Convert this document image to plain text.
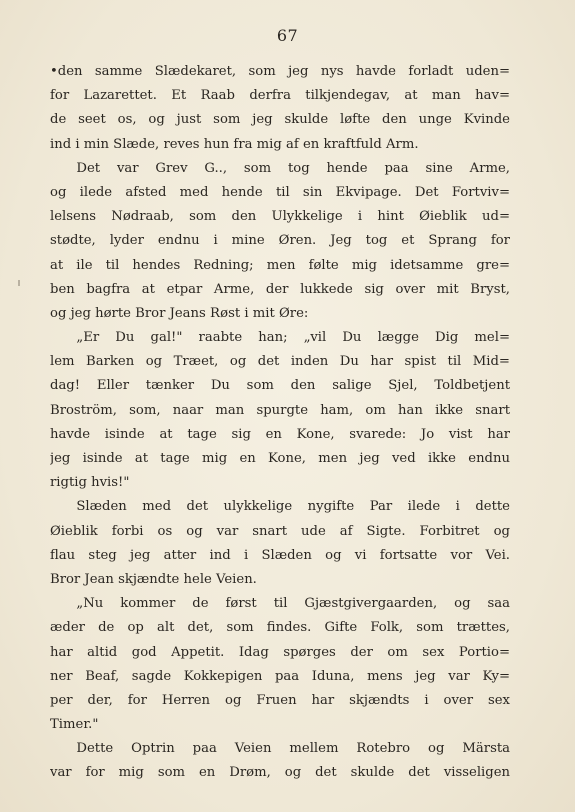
67
•den samme Slædekaret, som jeg nys havde forladt uden=
for Lazarettet. Et Raab derfra tilkjendegav, at man hav=
de seet os, og just som jeg skulde løfte den unge Kvinde
ind i min Slæde, reves hun fra mig af en kraftfuld Arm.
Det var Grev G.., som tog hende paa sine Arme,
og ilede afsted med hende til sin Ekvipage. Det Fortviv=
lelsens Nødraab, som den Ulykkelige i hint Øieblik ud=
stødte, lyder endnu i mine Øren. Jeg tog et Sprang for
at ile til hendes Redning; men følte mig idetsamme gre=
ben bagfra at etpar Arme, der lukkede sig over mit Bryst,
og jeg hørte Bror Jeans Røst i mit Øre:
„Er Du gal!" raabte han; „vil Du lægge Dig mel=
lem Barken og Træet, og det inden Du har spist til Mid=
dag! Eller tænker Du som den salige Sjel, Toldbetjent
Broström, som, naar man spurgte ham, om han ikke snart
havde isinde at tage sig en Kone, svarede: Jo vist har
jeg isinde at tage mig en Kone, men jeg ved ikke endnu
rigtig hvis!"
Slæden med det ulykkelige nygifte Par ilede i dette
Øieblik forbi os og var snart ude af Sigte. Forbitret og
flau steg jeg atter ind i Slæden og vi fortsatte vor Vei.
Bror Jean skjændte hele Veien.
„Nu kommer de først til Gjæstgivergaarden, og saa
æder de op alt det, som findes. Gifte Folk, som trættes,
har altid god Appetit. Idag spørges der om sex Portio=
ner Beaf, sagde Kokkepigen paa Iduna, mens jeg var Ky=
per der, for Herren og Fruen har skjændts i over sex
Timer."
Dette Optrin paa Veien mellem Rotebro og Märsta
var for mig som en Drøm, og det skulde det visseligen
